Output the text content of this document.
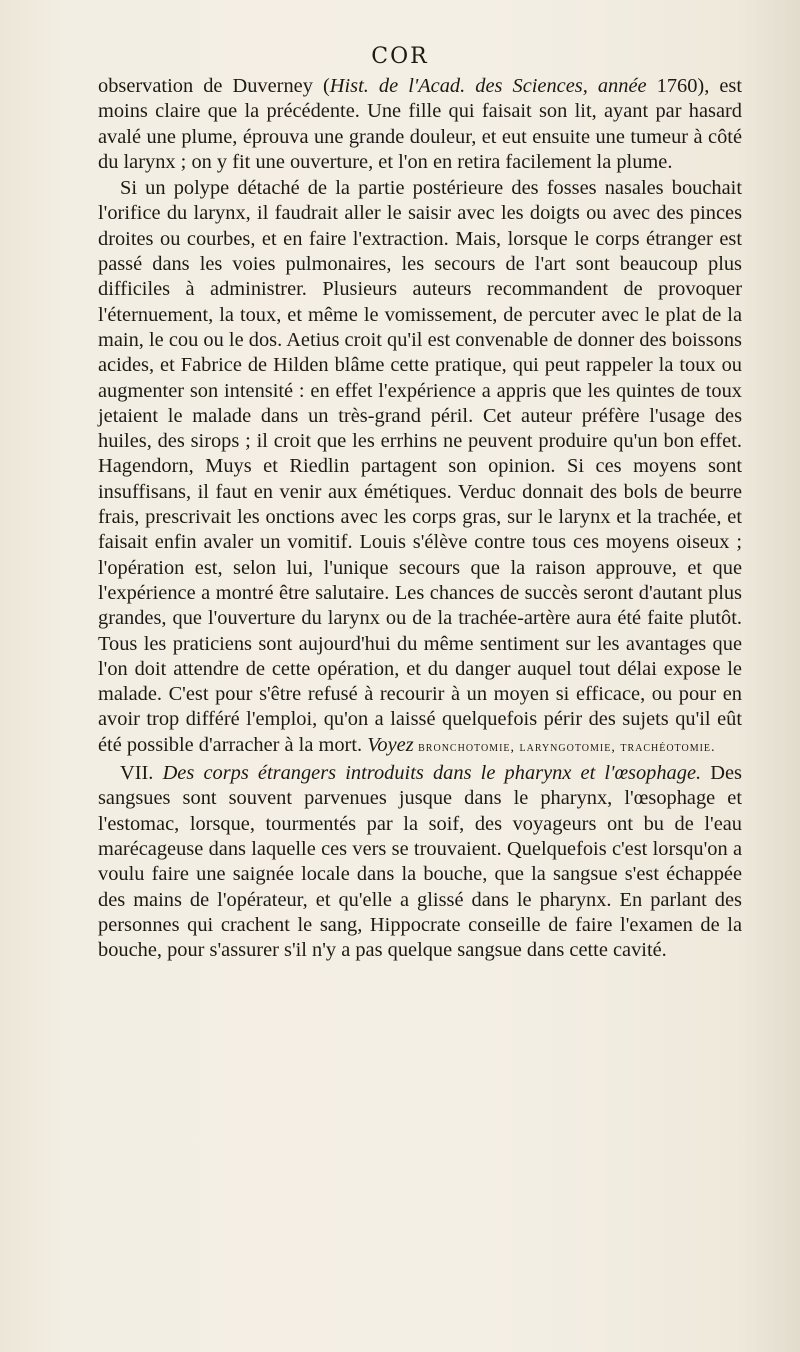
COR

observation de Duverney (Hist. de l'Acad. des Sciences, année 1760), est moins claire que la précédente. Une fille qui faisait son lit, ayant par hasard avalé une plume, éprouva une grande douleur, et eut ensuite une tumeur à côté du larynx ; on y fit une ouverture, et l'on en retira facilement la plume.

Si un polype détaché de la partie postérieure des fosses nasales bouchait l'orifice du larynx, il faudrait aller le saisir avec les doigts ou avec des pinces droites ou courbes, et en faire l'extraction. Mais, lorsque le corps étranger est passé dans les voies pulmonaires, les secours de l'art sont beaucoup plus difficiles à administrer. Plusieurs auteurs recommandent de provoquer l'éternuement, la toux, et même le vomissement, de percuter avec le plat de la main, le cou ou le dos. Aetius croit qu'il est convenable de donner des boissons acides, et Fabrice de Hilden blâme cette pratique, qui peut rappeler la toux ou augmenter son intensité : en effet l'expérience a appris que les quintes de toux jetaient le malade dans un très-grand péril. Cet auteur préfère l'usage des huiles, des sirops ; il croit que les errhins ne peuvent produire qu'un bon effet. Hagendorn, Muys et Riedlin partagent son opinion. Si ces moyens sont insuffisans, il faut en venir aux émétiques. Verduc donnait des bols de beurre frais, prescrivait les onctions avec les corps gras, sur le larynx et la trachée, et faisait enfin avaler un vomitif. Louis s'élève contre tous ces moyens oiseux ; l'opération est, selon lui, l'unique secours que la raison approuve, et que l'expérience a montré être salutaire. Les chances de succès seront d'autant plus grandes, que l'ouverture du larynx ou de la trachée-artère aura été faite plutôt. Tous les praticiens sont aujourd'hui du même sentiment sur les avantages que l'on doit attendre de cette opération, et du danger auquel tout délai expose le malade. C'est pour s'être refusé à recourir à un moyen si efficace, ou pour en avoir trop différé l'emploi, qu'on a laissé quelquefois périr des sujets qu'il eût été possible d'arracher à la mort. Voyez bronchotomie, laryngotomie, trachéotomie.

VII. Des corps étrangers introduits dans le pharynx et l'œsophage. Des sangsues sont souvent parvenues jusque dans le pharynx, l'œsophage et l'estomac, lorsque, tourmentés par la soif, des voyageurs ont bu de l'eau marécageuse dans laquelle ces vers se trouvaient. Quelquefois c'est lorsqu'on a voulu faire une saignée locale dans la bouche, que la sangsue s'est échappée des mains de l'opérateur, et qu'elle a glissé dans le pharynx. En parlant des personnes qui crachent le sang, Hippocrate conseille de faire l'examen de la bouche, pour s'assurer s'il n'y a pas quelque sangsue dans cette cavité.
